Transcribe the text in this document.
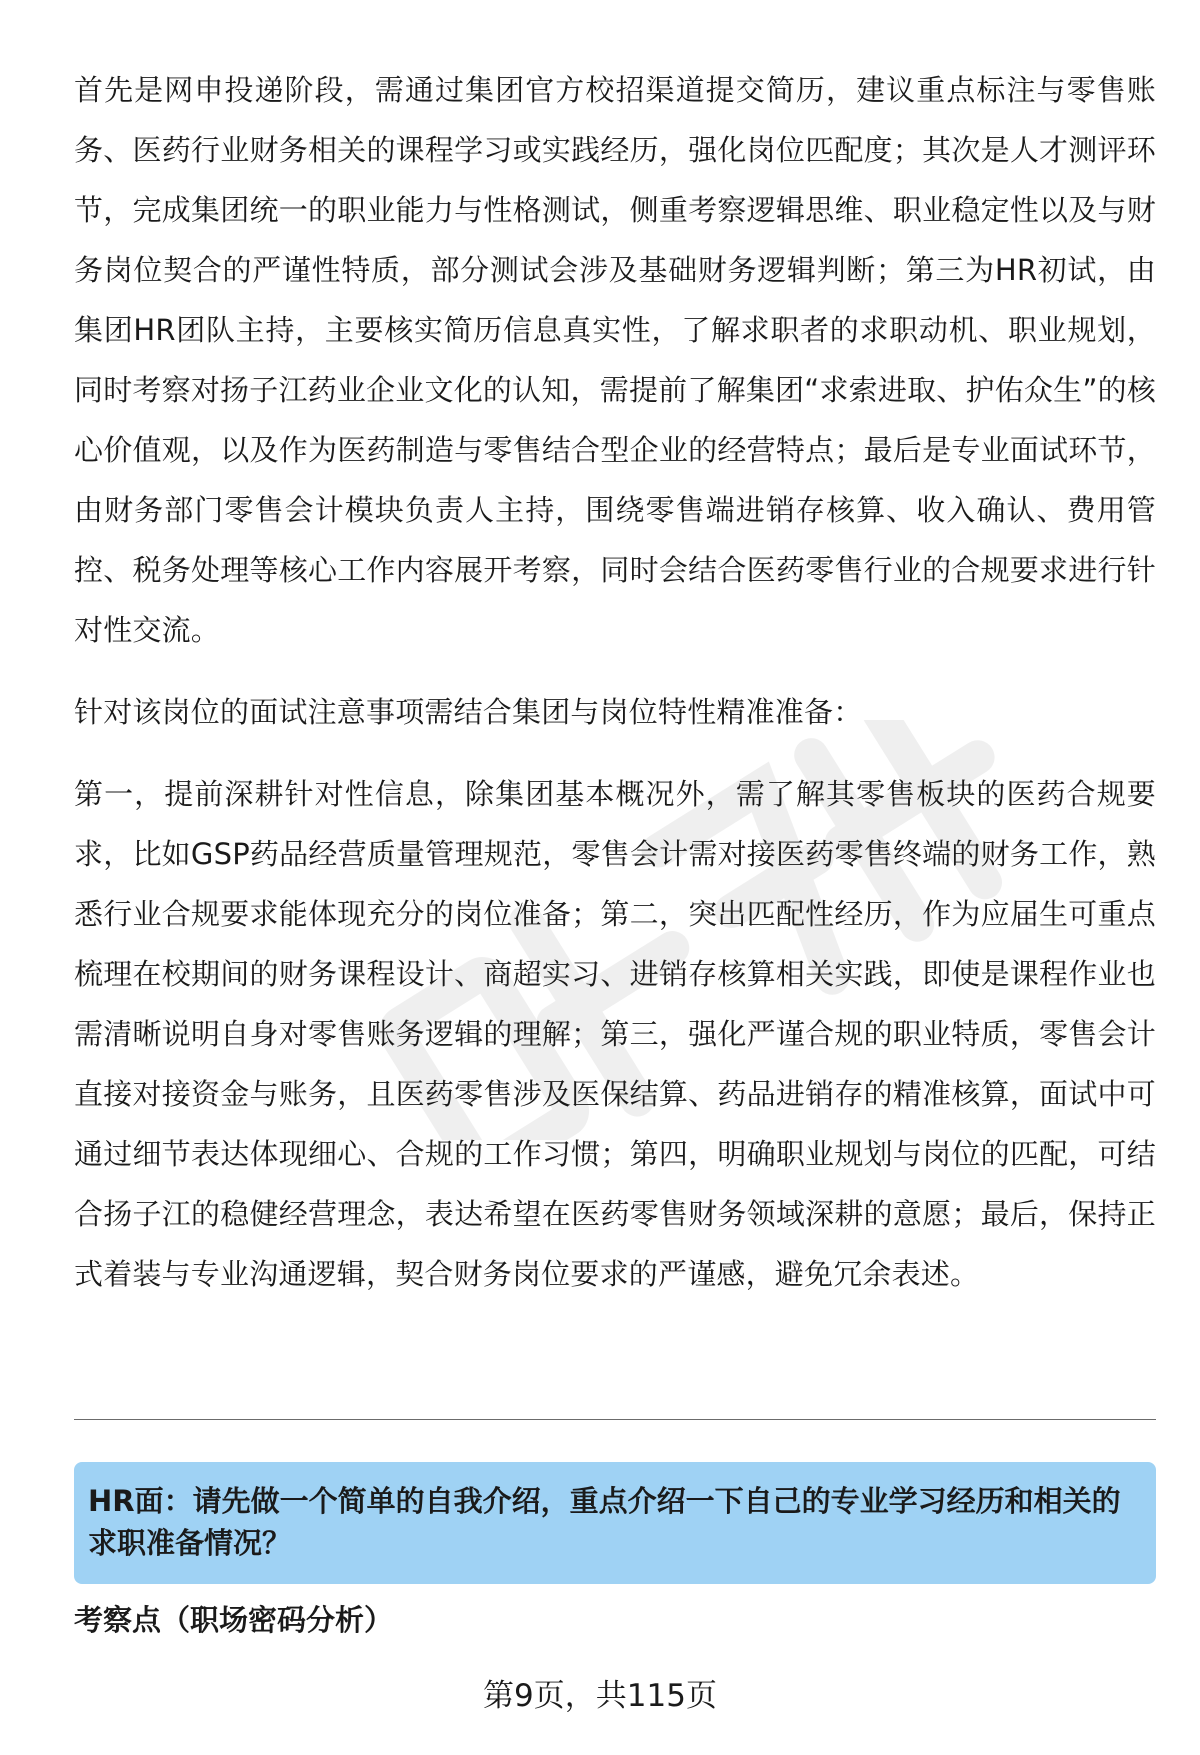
首先是网申投递阶段，需通过集团官方校招渠道提交简历，建议重点标注与零售账务、医药行业财务相关的课程学习或实践经历，强化岗位匹配度；其次是人才测评环节，完成集团统一的职业能力与性格测试，侧重考察逻辑思维、职业稳定性以及与财务岗位契合的严谨性特质，部分测试会涉及基础财务逻辑判断；第三为HR初试，由集团HR团队主持，主要核实简历信息真实性，了解求职者的求职动机、职业规划，同时考察对扬子江药业企业文化的认知，需提前了解集团“求索进取、护佑众生”的核心价值观，以及作为医药制造与零售结合型企业的经营特点；最后是专业面试环节，由财务部门零售会计模块负责人主持，围绕零售端进销存核算、收入确认、费用管控、税务处理等核心工作内容展开考察，同时会结合医药零售行业的合规要求进行针对性交流。

针对该岗位的面试注意事项需结合集团与岗位特性精准准备：

第一，提前深耕针对性信息，除集团基本概况外，需了解其零售板块的医药合规要求，比如GSP药品经营质量管理规范，零售会计需对接医药零售终端的财务工作，熟悉行业合规要求能体现充分的岗位准备；第二，突出匹配性经历，作为应届生可重点梳理在校期间的财务课程设计、商超实习、进销存核算相关实践，即使是课程作业也需清晰说明自身对零售账务逻辑的理解；第三，强化严谨合规的职业特质，零售会计直接对接资金与账务，且医药零售涉及医保结算、药品进销存的精准核算，面试中可通过细节表达体现细心、合规的工作习惯；第四，明确职业规划与岗位的匹配，可结合扬子江的稳健经营理念，表达希望在医药零售财务领域深耕的意愿；最后，保持正式着装与专业沟通逻辑，契合财务岗位要求的严谨感，避免冗余表述。

HR面：请先做一个简单的自我介绍，重点介绍一下自己的专业学习经历和相关的求职准备情况？

考察点（职场密码分析）

第9页，共115页
